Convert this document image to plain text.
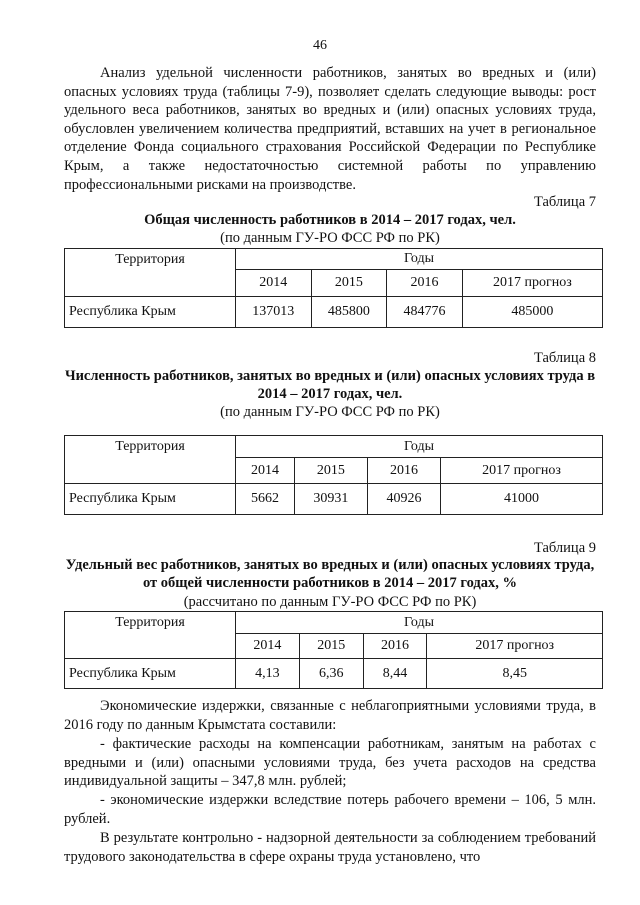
46
Анализ удельной численности работников, занятых во вредных и (или) опасных условиях труда (таблицы 7-9), позволяет сделать следующие выводы: рост удельного веса работников, занятых во вредных и (или) опасных условиях труда, обусловлен увеличением количества предприятий, вставших на учет в региональное отделение Фонда социального страхования Российской Федерации по Республике Крым, а также недостаточностью системной работы по управлению профессиональными рисками на производстве.
Таблица 7
Общая численность работников в 2014 – 2017 годах, чел.
(по данным ГУ-РО ФСС РФ по РК)
Территория	Годы			
	2014	2015	2016	2017 прогноз
Республика Крым	137013	485800	484776	485000
Таблица 8
Численность работников, занятых во вредных и (или) опасных условиях труда в 2014 – 2017 годах, чел.
(по данным ГУ-РО ФСС РФ по РК)
Территория	Годы			
	2014	2015	2016	2017 прогноз
Республика Крым	5662	30931	40926	41000
Таблица 9
Удельный вес работников, занятых во вредных и (или) опасных условиях труда, от общей численности работников в 2014 – 2017 годах, %
(рассчитано по данным ГУ-РО ФСС РФ по РК)
Территория	Годы			
	2014	2015	2016	2017 прогноз
Республика Крым	4,13	6,36	8,44	8,45
Экономические издержки, связанные с неблагоприятными условиями труда, в 2016 году по данным Крымстата составили:
- фактические расходы на компенсации работникам, занятым на работах с вредными и (или) опасными условиями труда, без учета расходов на средства индивидуальной защиты – 347,8 млн. рублей;
- экономические издержки вследствие потерь рабочего времени – 106, 5 млн. рублей.
В результате контрольно - надзорной деятельности за соблюдением требований трудового законодательства в сфере охраны труда установлено, что
